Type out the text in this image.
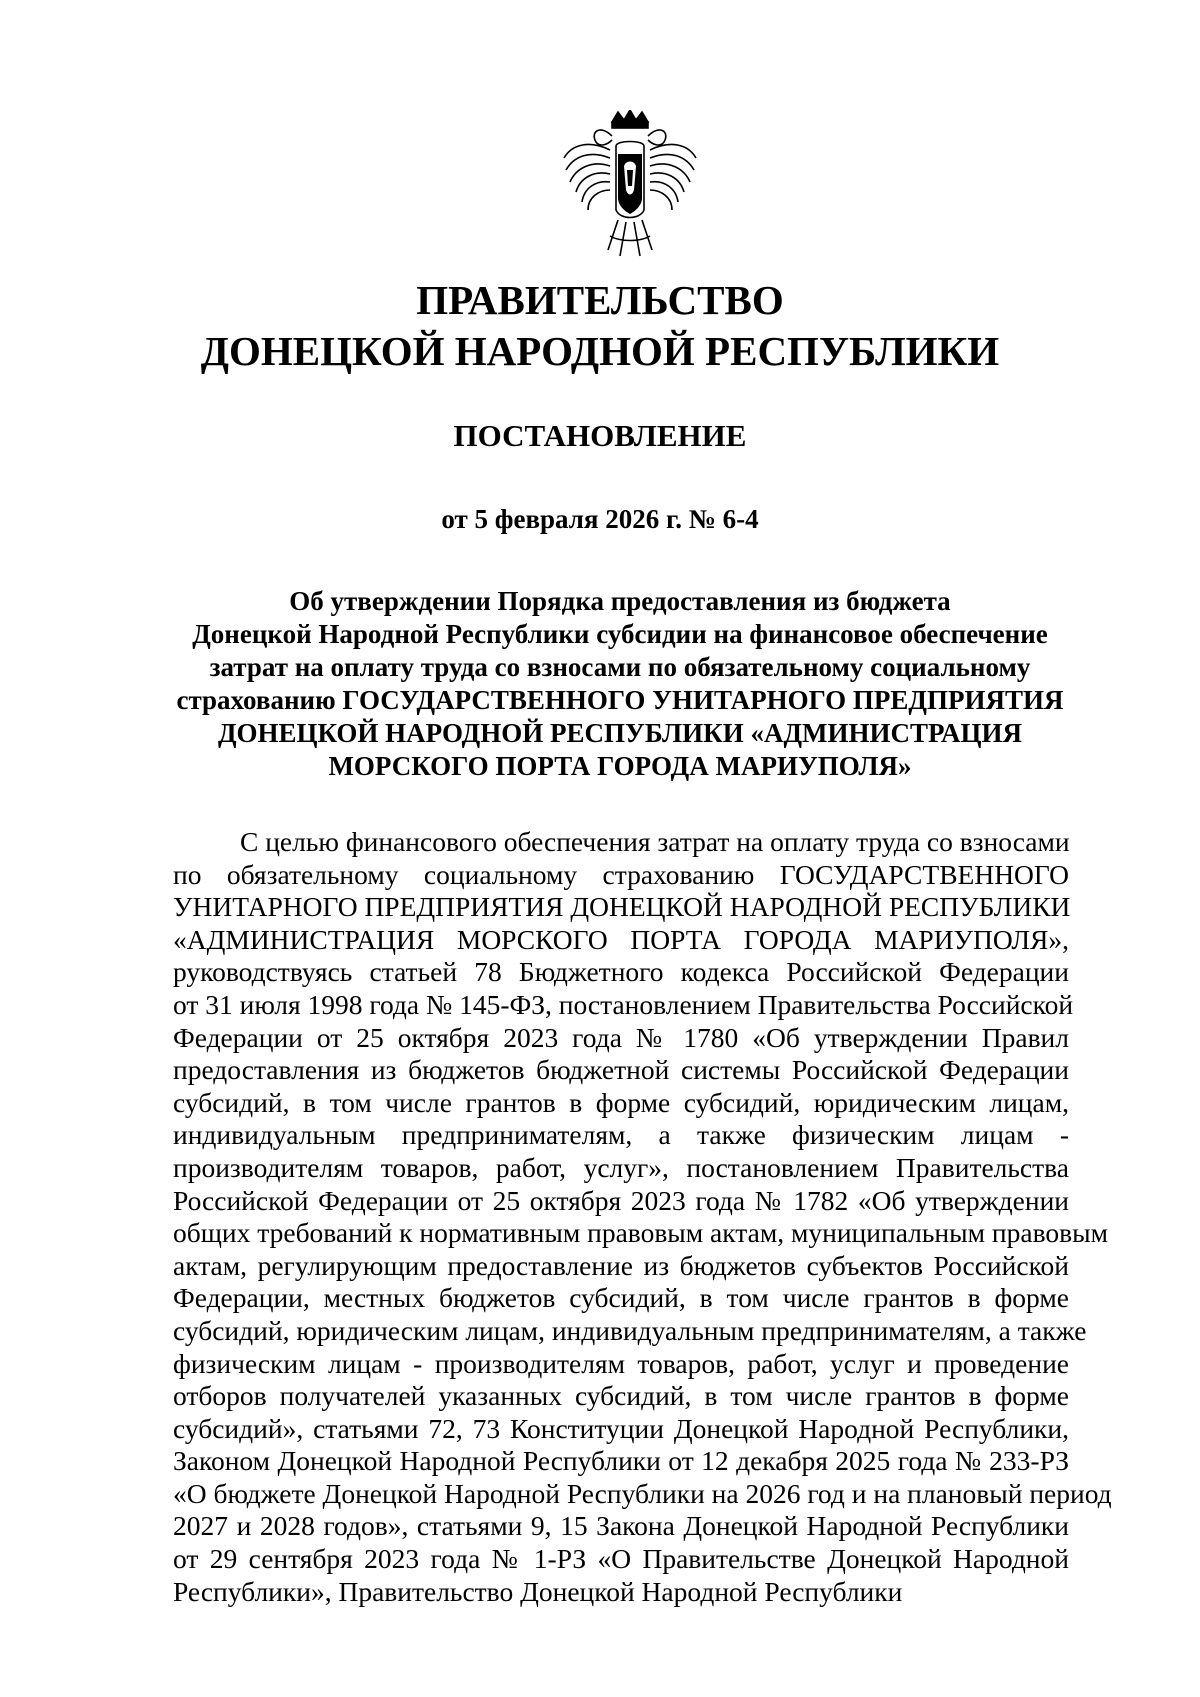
ПРАВИТЕЛЬСТВО
ДОНЕЦКОЙ НАРОДНОЙ РЕСПУБЛИКИ
ПОСТАНОВЛЕНИЕ
от 5 февраля 2026 г. № 6-4
Об утверждении Порядка предоставления из бюджета
Донецкой Народной Республики субсидии на финансовое обеспечение
затрат на оплату труда со взносами по обязательному социальному
страхованию ГОСУДАРСТВЕННОГО УНИТАРНОГО ПРЕДПРИЯТИЯ
ДОНЕЦКОЙ НАРОДНОЙ РЕСПУБЛИКИ «АДМИНИСТРАЦИЯ
МОРСКОГО ПОРТА ГОРОДА МАРИУПОЛЯ»
С целью финансового обеспечения затрат на оплату труда со взносами
по обязательному социальному страхованию ГОСУДАРСТВЕННОГО
УНИТАРНОГО ПРЕДПРИЯТИЯ ДОНЕЦКОЙ НАРОДНОЙ РЕСПУБЛИКИ
«АДМИНИСТРАЦИЯ МОРСКОГО ПОРТА ГОРОДА МАРИУПОЛЯ»,
руководствуясь статьей 78 Бюджетного кодекса Российской Федерации
от 31 июля 1998 года № 145-ФЗ, постановлением Правительства Российской
Федерации от 25 октября 2023 года № 1780 «Об утверждении Правил
предоставления из бюджетов бюджетной системы Российской Федерации
субсидий, в том числе грантов в форме субсидий, юридическим лицам,
индивидуальным предпринимателям, а также физическим лицам -
производителям товаров, работ, услуг», постановлением Правительства
Российской Федерации от 25 октября 2023 года № 1782 «Об утверждении
общих требований к нормативным правовым актам, муниципальным правовым
актам, регулирующим предоставление из бюджетов субъектов Российской
Федерации, местных бюджетов субсидий, в том числе грантов в форме
субсидий, юридическим лицам, индивидуальным предпринимателям, а также
физическим лицам - производителям товаров, работ, услуг и проведение
отборов получателей указанных субсидий, в том числе грантов в форме
субсидий», статьями 72, 73 Конституции Донецкой Народной Республики,
Законом Донецкой Народной Республики от 12 декабря 2025 года № 233-РЗ
«О бюджете Донецкой Народной Республики на 2026 год и на плановый период
2027 и 2028 годов», статьями 9, 15 Закона Донецкой Народной Республики
от 29 сентября 2023 года № 1-РЗ «О Правительстве Донецкой Народной
Республики», Правительство Донецкой Народной Республики
